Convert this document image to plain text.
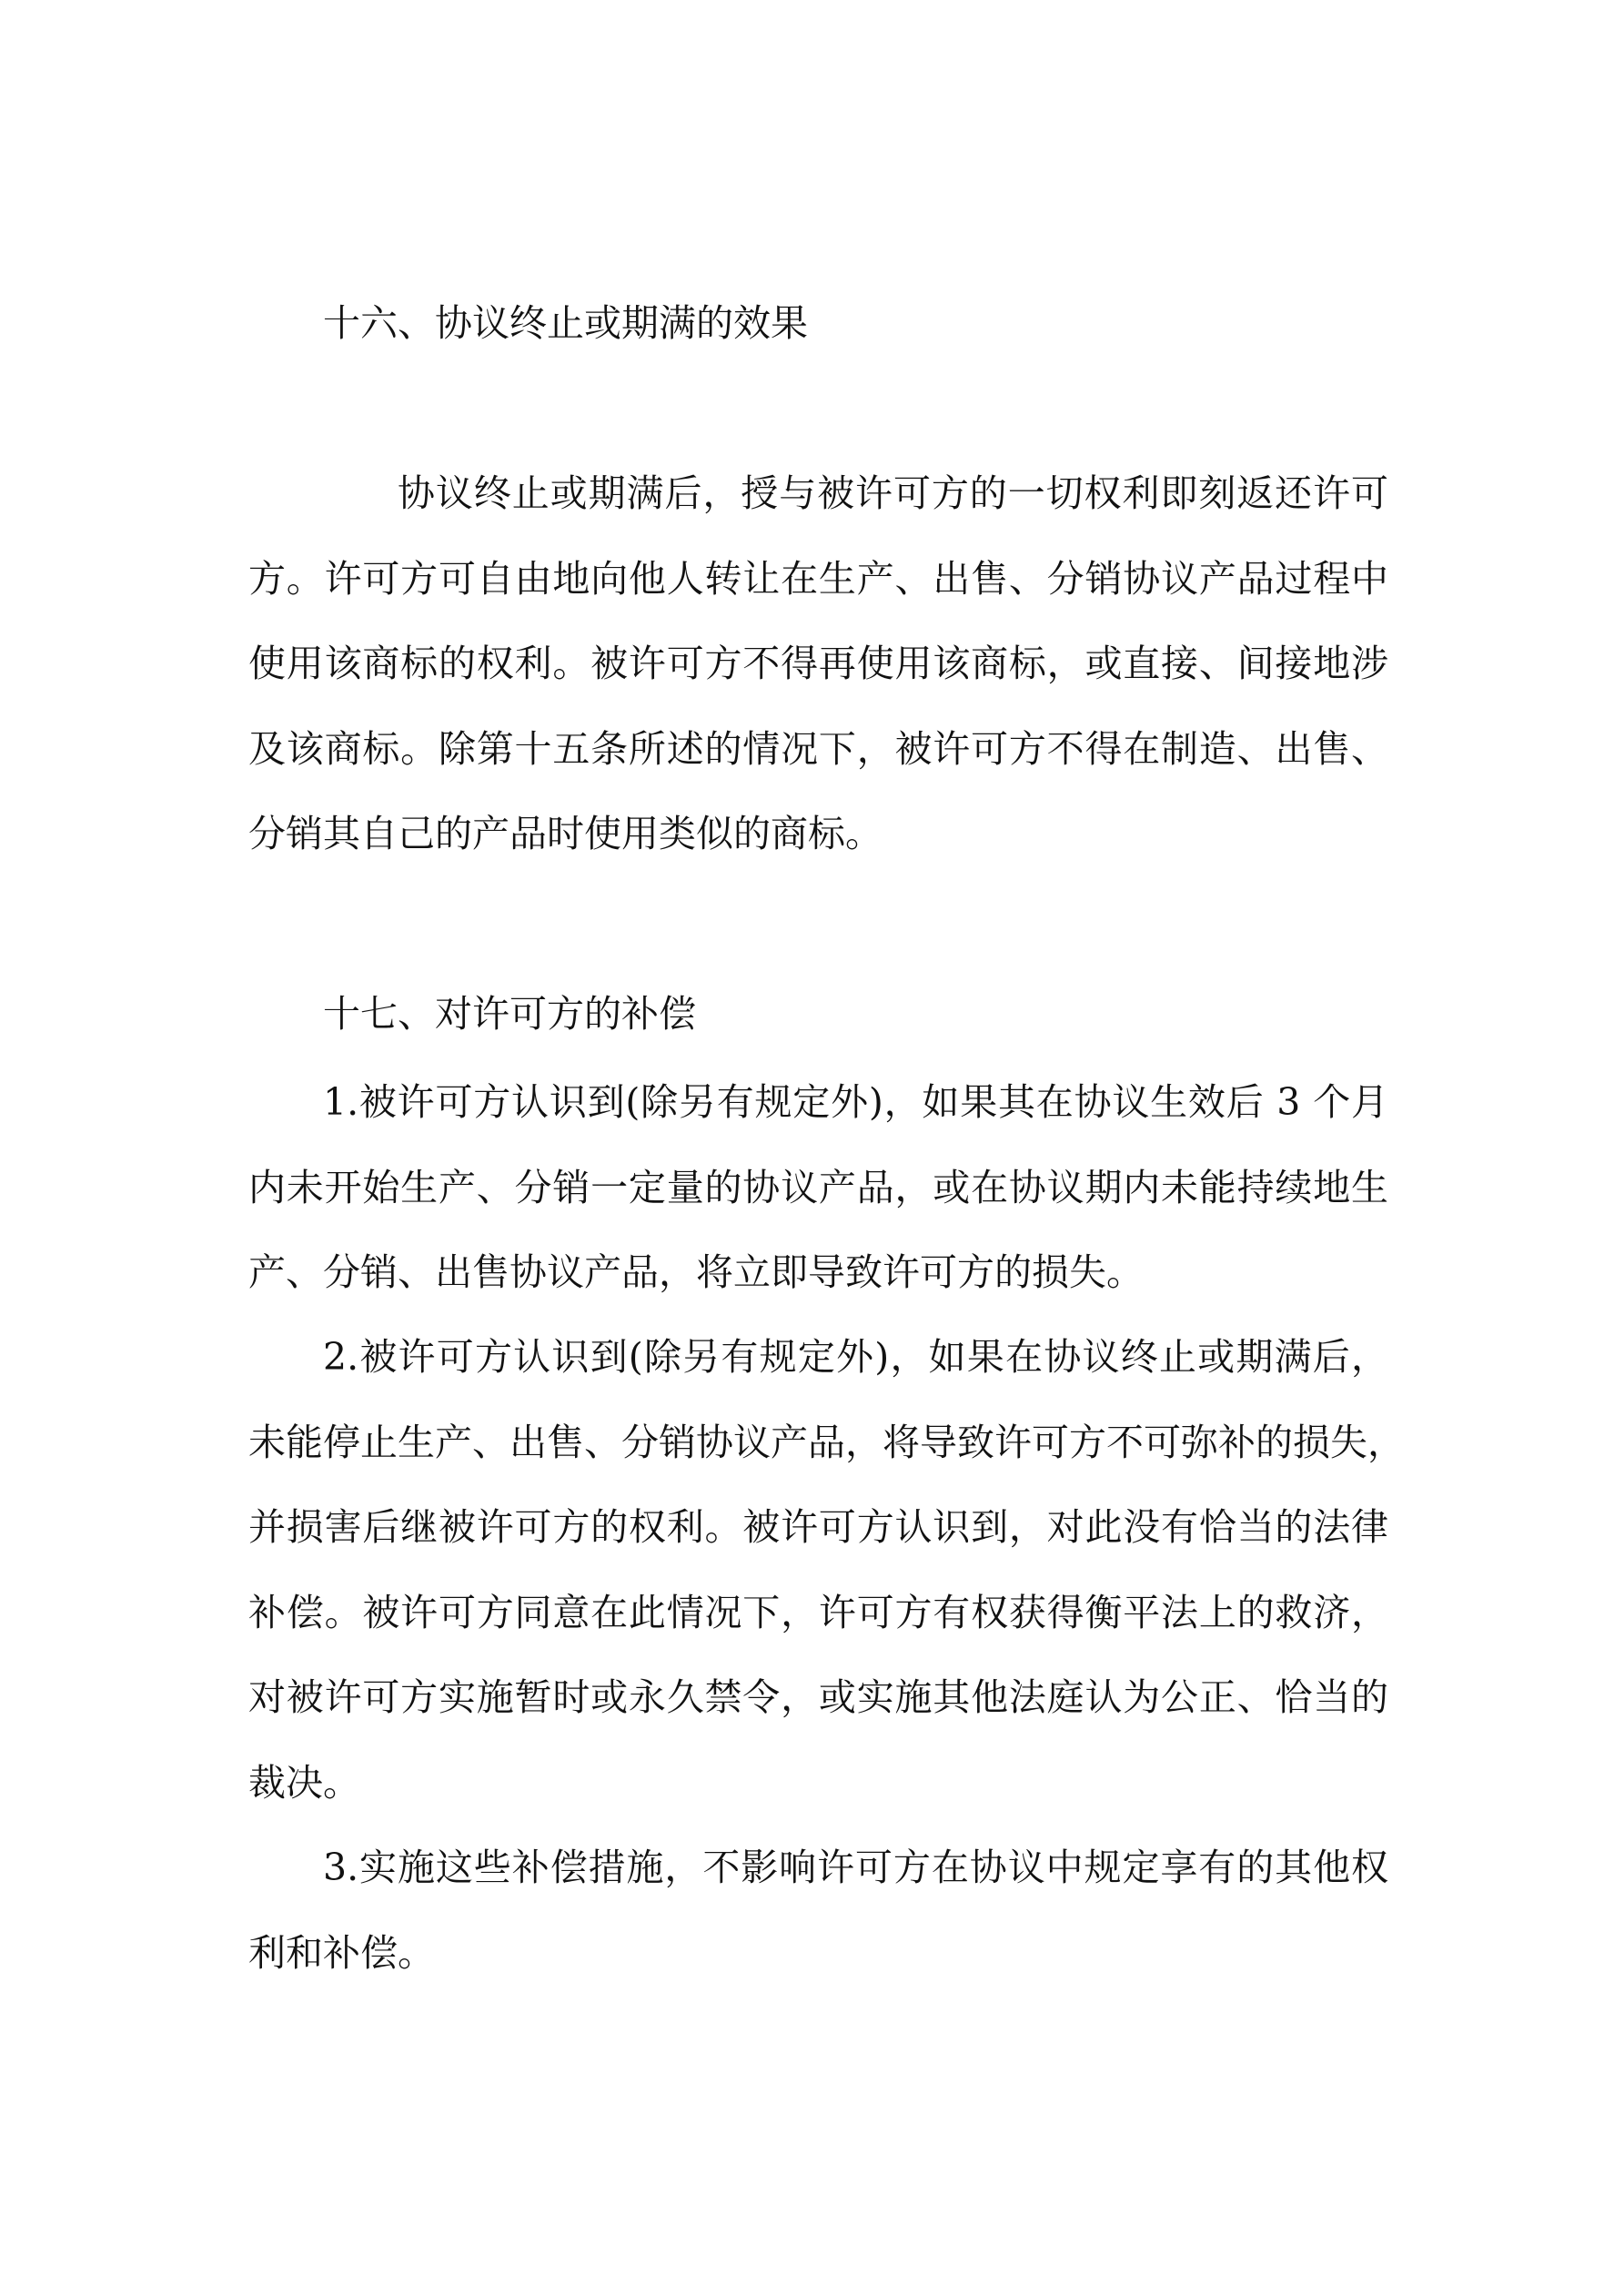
十六、协议终止或期满的效果

协议终止或期满后，授与被许可方的一切权利即刻返还许可
方。许可方可自由地向他人转让在生产、出售、分销协议产品过程中
使用该商标的权利。被许可方不得再使用该商标，或直接、间接地涉
及该商标。除第十五条所述的情况下，被许可方不得在制造、出售、
分销其自己的产品时使用类似的商标。

十七、对许可方的补偿

1.被许可方认识到(除另有规定外)，如果其在协议生效后 3 个月
内未开始生产、分销一定量的协议产品，或在协议期内未能持续地生
产、分销、出售协议产品，将立即导致许可方的损失。
2.被许可方认识到(除另有规定外)，如果在协议终止或期满后，
未能停止生产、出售、分销协议产品，将导致许可方不可弥补的损失，
并损害后继被许可方的权利。被许可方认识到，对此没有恰当的法律
补偿。被许可方同意在此情况下，许可方有权获得衡平法上的救济，
对被许可方实施暂时或永久禁令，或实施其他法庭认为公正、恰当的
裁决。
3.实施这些补偿措施，不影响许可方在协议中规定享有的其他权
利和补偿。
